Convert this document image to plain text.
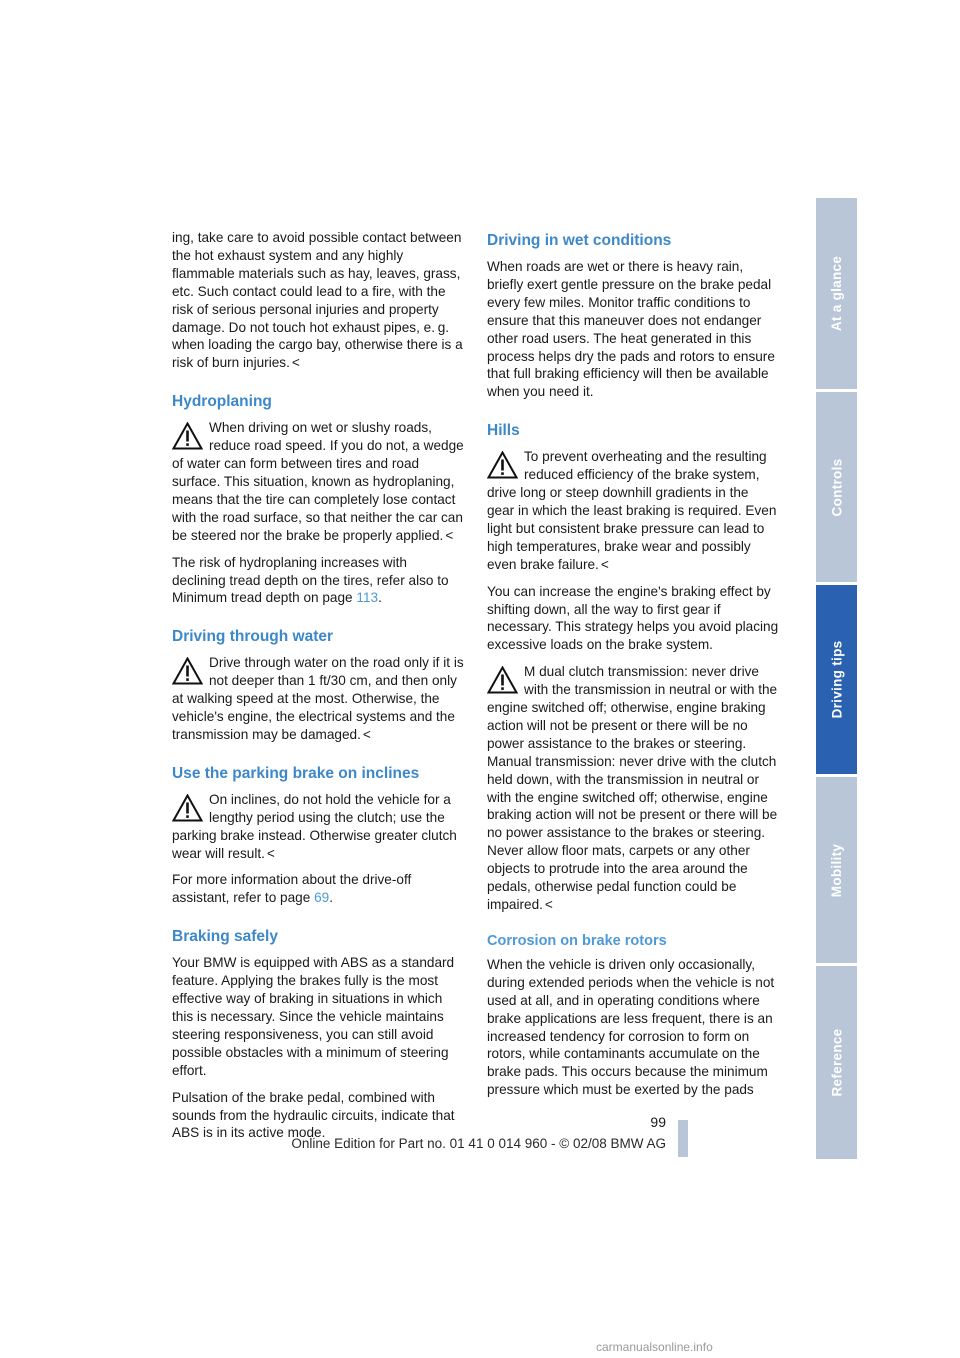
ing, take care to avoid possible contact between the hot exhaust system and any highly flammable materials such as hay, leaves, grass, etc. Such contact could lead to a fire, with the risk of serious personal injuries and property damage. Do not touch hot exhaust pipes, e. g. when loading the cargo bay, otherwise there is a risk of burn injuries. <

Hydroplaning
When driving on wet or slushy roads, reduce road speed. If you do not, a wedge of water can form between tires and road surface. This situation, known as hydroplaning, means that the tire can completely lose contact with the road surface, so that neither the car can be steered nor the brake be properly applied. <

The risk of hydroplaning increases with declining tread depth on the tires, refer also to Minimum tread depth on page 113.

Driving through water
Drive through water on the road only if it is not deeper than 1 ft/30 cm, and then only at walking speed at the most. Otherwise, the vehicle's engine, the electrical systems and the transmission may be damaged. <
Use the parking brake on inclines
On inclines, do not hold the vehicle for a lengthy period using the clutch; use the parking brake instead. Otherwise greater clutch wear will result. <

For more information about the drive-off assistant, refer to page 69.

Braking safely

Your BMW is equipped with ABS as a standard feature. Applying the brakes fully is the most effective way of braking in situations in which this is necessary. Since the vehicle maintains steering responsiveness, you can still avoid possible obstacles with a minimum of steering effort.

Pulsation of the brake pedal, combined with sounds from the hydraulic circuits, indicate that ABS is in its active mode.

Driving in wet conditions

When roads are wet or there is heavy rain, briefly exert gentle pressure on the brake pedal every few miles. Monitor traffic conditions to ensure that this maneuver does not endanger other road users. The heat generated in this process helps dry the pads and rotors to ensure that full braking efficiency will then be available when you need it.

Hills
To prevent overheating and the resulting reduced efficiency of the brake system, drive long or steep downhill gradients in the gear in which the least braking is required. Even light but consistent brake pressure can lead to high temperatures, brake wear and possibly even brake failure. <

You can increase the engine's braking effect by shifting down, all the way to first gear if necessary. This strategy helps you avoid placing excessive loads on the brake system.

M dual clutch transmission: never drive with the transmission in neutral or with the engine switched off; otherwise, engine braking action will not be present or there will be no power assistance to the brakes or steering.
Manual transmission: never drive with the clutch held down, with the transmission in neutral or with the engine switched off; otherwise, engine braking action will not be present or there will be no power assistance to the brakes or steering.
Never allow floor mats, carpets or any other objects to protrude into the area around the pedals, otherwise pedal function could be impaired. <
Corrosion on brake rotors

When the vehicle is driven only occasionally, during extended periods when the vehicle is not used at all, and in operating conditions where brake applications are less frequent, there is an increased tendency for corrosion to form on rotors, while contaminants accumulate on the brake pads. This occurs because the minimum pressure which must be exerted by the pads	Reference
Mobility
Driving tips
Controls
At a glance
99
Online Edition for Part no. 01 41 0 014 960 - © 02/08 BMW AG
carmanualsonline.info
